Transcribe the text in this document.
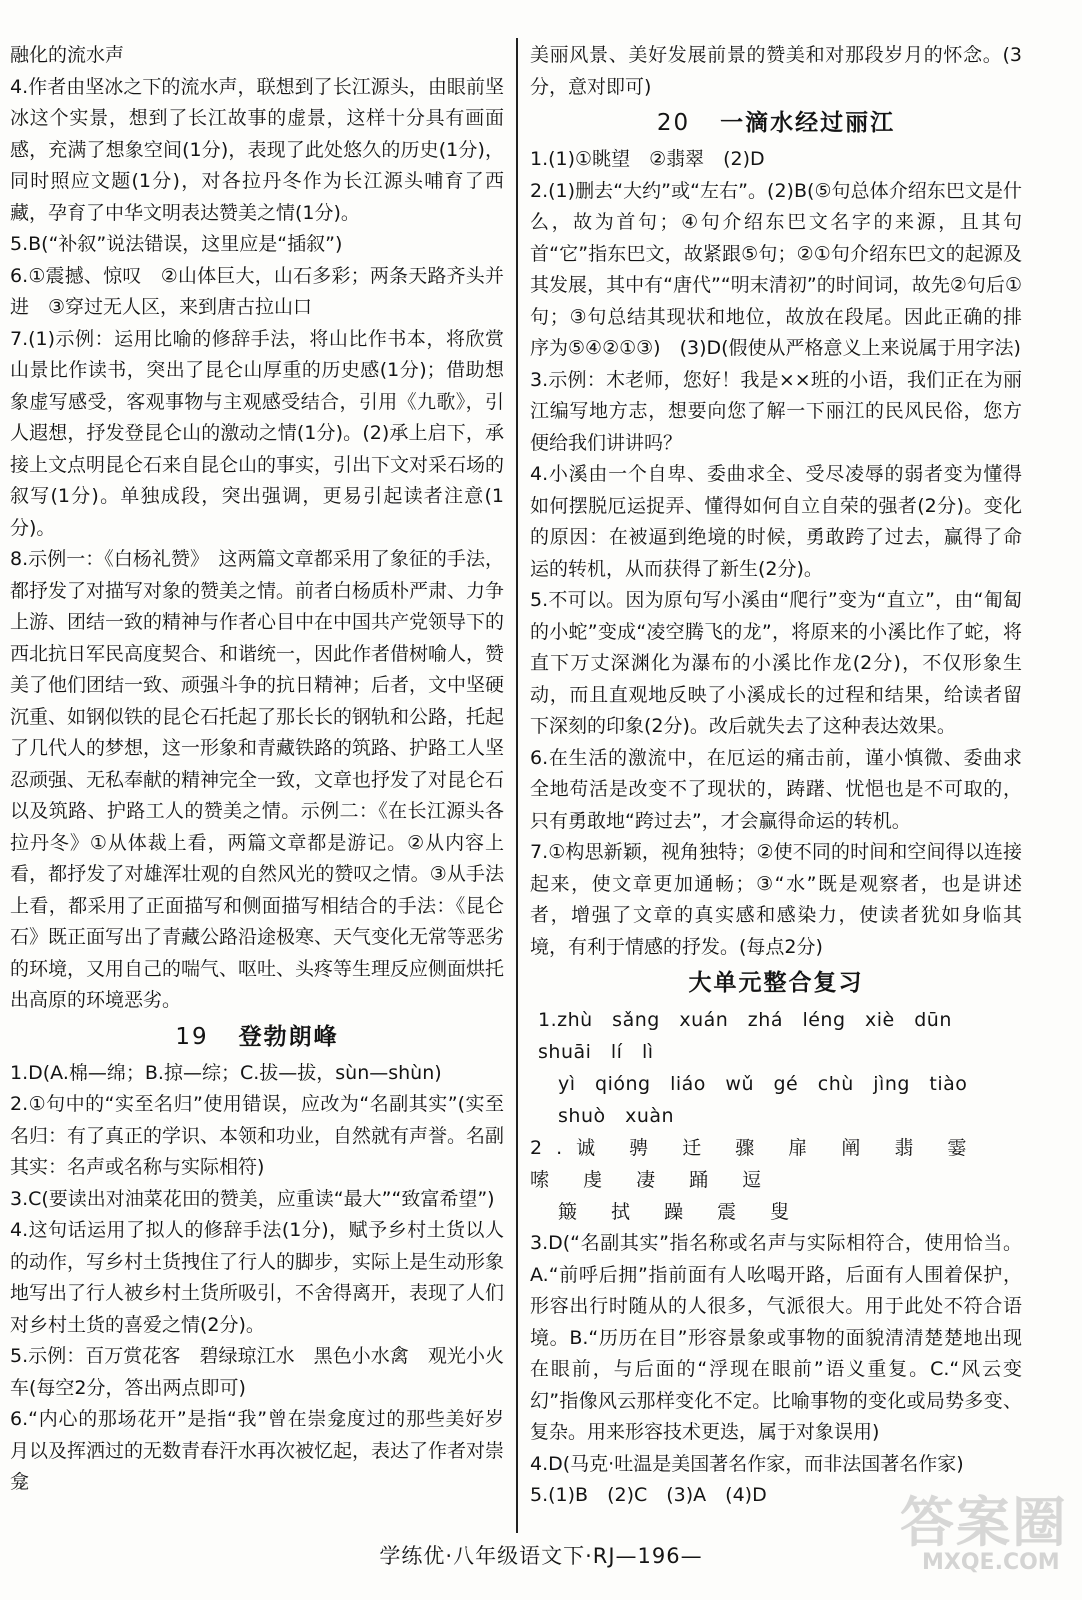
融化的流水声

4.作者由坚冰之下的流水声，联想到了长江源头，由眼前坚冰这个实景，想到了长江故事的虚景，这样十分具有画面感，充满了想象空间(1分)，表现了此处悠久的历史(1分)，同时照应文题(1分)，对各拉丹冬作为长江源头哺育了西藏，孕育了中华文明表达赞美之情(1分)。

5.B(“补叙”说法错误，这里应是“插叙”)

6.①震撼、惊叹　②山体巨大，山石多彩；两条天路齐头并进　③穿过无人区，来到唐古拉山口

7.(1)示例：运用比喻的修辞手法，将山比作书本，将欣赏山景比作读书，突出了昆仑山厚重的历史感(1分)；借助想象虚写感受，客观事物与主观感受结合，引用《九歌》，引人遐想，抒发登昆仑山的激动之情(1分)。(2)承上启下，承接上文点明昆仑石来自昆仑山的事实，引出下文对采石场的叙写(1分)。单独成段，突出强调，更易引起读者注意(1分)。

8.示例一：《白杨礼赞》　这两篇文章都采用了象征的手法，都抒发了对描写对象的赞美之情。前者白杨质朴严肃、力争上游、团结一致的精神与作者心目中在中国共产党领导下的西北抗日军民高度契合、和谐统一，因此作者借树喻人，赞美了他们团结一致、顽强斗争的抗日精神；后者，文中坚硬沉重、如钢似铁的昆仑石托起了那长长的钢轨和公路，托起了几代人的梦想，这一形象和青藏铁路的筑路、护路工人坚忍顽强、无私奉献的精神完全一致，文章也抒发了对昆仑石以及筑路、护路工人的赞美之情。示例二：《在长江源头各拉丹冬》①从体裁上看，两篇文章都是游记。②从内容上看，都抒发了对雄浑壮观的自然风光的赞叹之情。③从手法上看，都采用了正面描写和侧面描写相结合的手法：《昆仑石》既正面写出了青藏公路沿途极寒、天气变化无常等恶劣的环境，又用自己的喘气、呕吐、头疼等生理反应侧面烘托出高原的环境恶劣。

19 登勃朗峰

1.D(A.棉—绵；B.掠—综；C.拔—拔，sùn—shùn)

2.①句中的“实至名归”使用错误，应改为“名副其实”(实至名归：有了真正的学识、本领和功业，自然就有声誉。名副其实：名声或名称与实际相符)

3.C(要读出对油菜花田的赞美，应重读“最大”“致富希望”)

4.这句话运用了拟人的修辞手法(1分)，赋予乡村土货以人的动作，写乡村土货拽住了行人的脚步，实际上是生动形象地写出了行人被乡村土货所吸引，不舍得离开，表现了人们对乡村土货的喜爱之情(2分)。

5.示例：百万赏花客　碧绿琼江水　黑色小水禽　观光小火车(每空2分，答出两点即可)

6.“内心的那场花开”是指“我”曾在崇龛度过的那些美好岁月以及挥洒过的无数青春汗水再次被忆起，表达了作者对崇龛

美丽风景、美好发展前景的赞美和对那段岁月的怀念。(3分，意对即可)

20 一滴水经过丽江

1.(1)①眺望　②翡翠　(2)D

2.(1)删去“大约”或“左右”。(2)B(⑤句总体介绍东巴文是什么，故为首句；④句介绍东巴文名字的来源，且其句首“它”指东巴文，故紧跟⑤句；②①句介绍东巴文的起源及其发展，其中有“唐代”“明末清初”的时间词，故先②句后①句；③句总结其现状和地位，故放在段尾。因此正确的排序为⑤④②①③)　(3)D(假使从严格意义上来说属于用字法)

3.示例：木老师，您好！我是××班的小语，我们正在为丽江编写地方志，想要向您了解一下丽江的民风民俗，您方便给我们讲讲吗？

4.小溪由一个自卑、委曲求全、受尽凌辱的弱者变为懂得如何摆脱厄运捉弄、懂得如何自立自荣的强者(2分)。变化的原因：在被逼到绝境的时候，勇敢跨了过去，赢得了命运的转机，从而获得了新生(2分)。

5.不可以。因为原句写小溪由“爬行”变为“直立”，由“匍匐的小蛇”变成“凌空腾飞的龙”，将原来的小溪比作了蛇，将直下万丈深渊化为瀑布的小溪比作龙(2分)，不仅形象生动，而且直观地反映了小溪成长的过程和结果，给读者留下深刻的印象(2分)。改后就失去了这种表达效果。

6.在生活的激流中，在厄运的痛击前，谨小慎微、委曲求全地苟活是改变不了现状的，踌躇、忧悒也是不可取的，只有勇敢地“跨过去”，才会赢得命运的转机。

7.①构思新颖，视角独特；②使不同的时间和空间得以连接起来，使文章更加通畅；③“水”既是观察者，也是讲述者，增强了文章的真实感和感染力，使读者犹如身临其境，有利于情感的抒发。(每点2分)

大单元整合复习

1.zhù　sǎng　xuán　zhá　léng　xiè　dūn　shuāi　lí　lì

yì　qióng　liáo　wǔ　gé　chù　jìng　tiào　shuò　xuàn

2.诚 骋 迁 骤 扉 阐 翡 霎 嗦 虔 凄 踊 逗

簸 拭 躁 震 叟

3.D(“名副其实”指名称或名声与实际相符合，使用恰当。A.“前呼后拥”指前面有人吆喝开路，后面有人围着保护，形容出行时随从的人很多，气派很大。用于此处不符合语境。B.“历历在目”形容景象或事物的面貌清清楚楚地出现在眼前，与后面的“浮现在眼前”语义重复。C.“风云变幻”指像风云那样变化不定。比喻事物的变化或局势多变、复杂。用来形容技术更迭，属于对象误用)

4.D(马克·吐温是美国著名作家，而非法国著名作家)

5.(1)B　(2)C　(3)A　(4)D

学练优·八年级语文下·RJ—196—
答案圈
MXQE.COM
